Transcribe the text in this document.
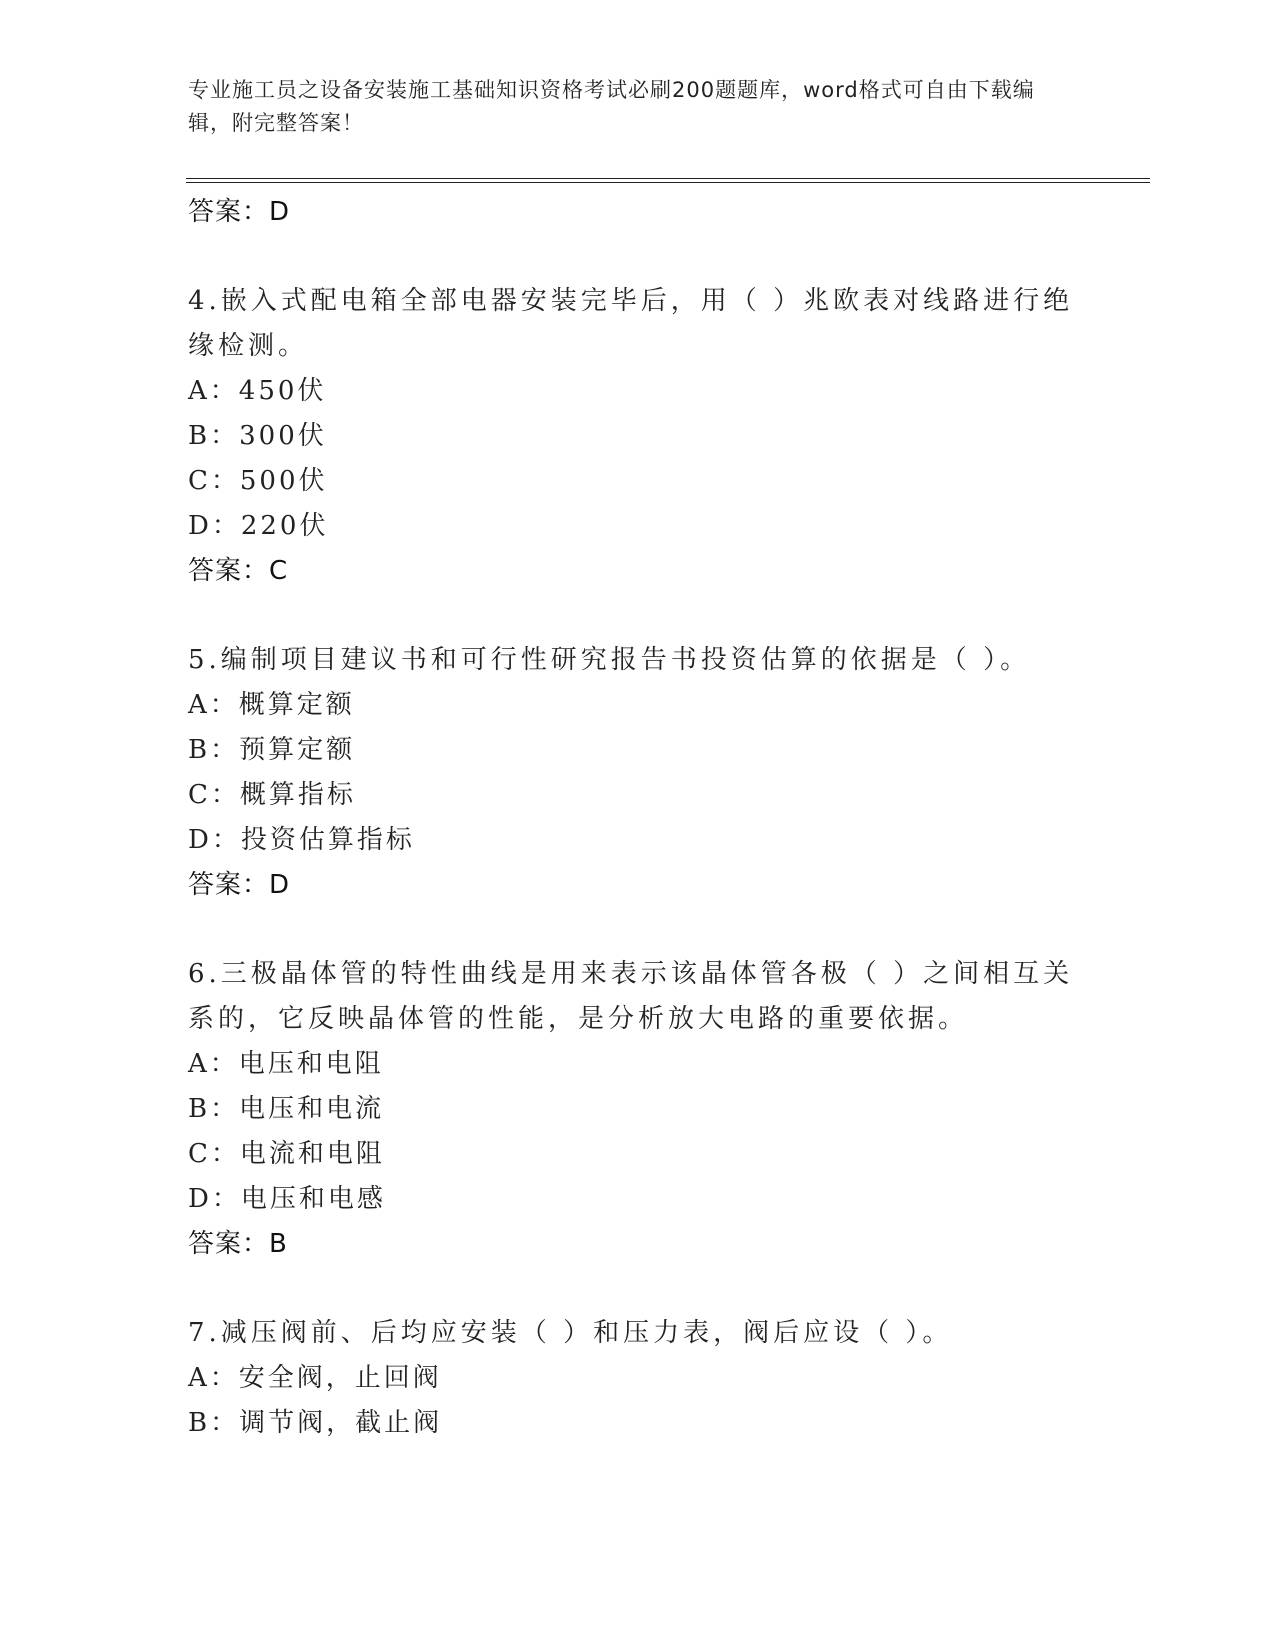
专业施工员之设备安装施工基础知识资格考试必刷200题题库，word格式可自由下载编辑，附完整答案！
答案：D
4.嵌入式配电箱全部电器安装完毕后，用（ ）兆欧表对线路进行绝缘检测。
A：450伏
B：300伏
C：500伏
D：220伏
答案：C
5.编制项目建议书和可行性研究报告书投资估算的依据是（ ）。
A：概算定额
B：预算定额
C：概算指标
D：投资估算指标
答案：D
6.三极晶体管的特性曲线是用来表示该晶体管各极（ ）之间相互关系的，它反映晶体管的性能，是分析放大电路的重要依据。
A：电压和电阻
B：电压和电流
C：电流和电阻
D：电压和电感
答案：B
7.减压阀前、后均应安装（ ）和压力表，阀后应设（ ）。
A：安全阀，止回阀
B：调节阀，截止阀
